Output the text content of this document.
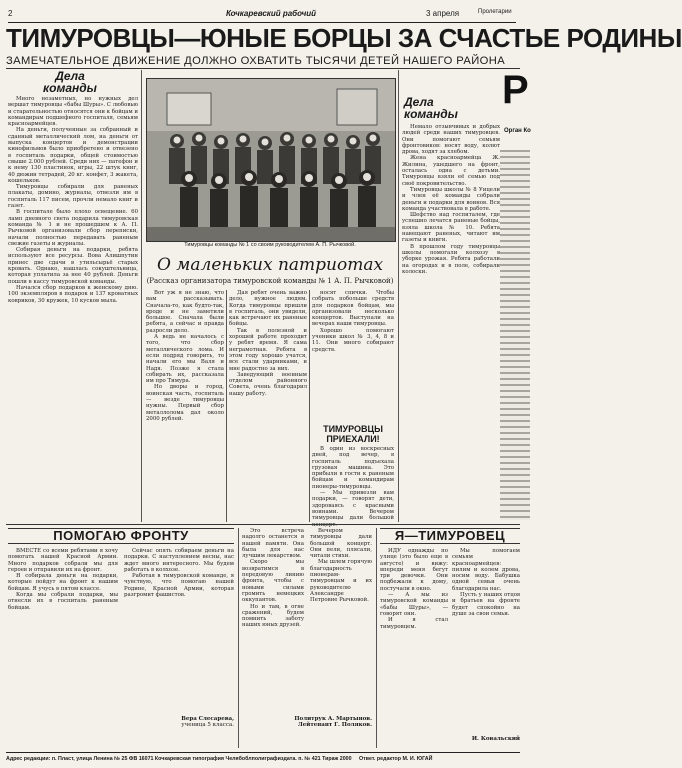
2	Кочкаревский рабочий	3 апреля	Пролетарии
ТИМУРОВЦЫ—ЮНЫЕ БОРЦЫ ЗА СЧАСТЬЕ РОДИНЫ
ЗАМЕЧАТЕЛЬНОЕ ДВИЖЕНИЕ ДОЛЖНО ОХВАТИТЬ ТЫСЯЧИ ДЕТЕЙ НАШЕГО РАЙОНА
Дела
команды

Много незаметных, но нужных дел вершат тимуровцы «бабы Шуры». С любовью и старательностью относятся они к бойцам и командирам подшефного госпиталя, семьям красноармейцев.

На деньги, полученные за собранный и сданный металлический лом, на деньги от выпуска концертов и демонстрации кинофильмов было приобретено и отвезено в госпиталь подарки, общей стоимостью свыше 2.000 рублей. Среди них — патефон и к нему 130 пластинок, игры, 22 штук книг, 40 дюжин тетрадей, 20 кг. конфет, 3 жакета, кошельков.

Тимуровцы собирали для раненых плакаты, домино, журналы, отвезли им в госпиталь 117 писем, прочли немало книг и газет.

В госпитале было плохо освещение. 60 ламп дневного света подарила тимуровская команда № 1 и не прошедшем к А. П. Рычковой организовали сбор переписки, начали полностью передавать раненым свежие газеты и журналы.

Собирая деньги на подарки, ребята используют все ресурсы. Вова Алишпутин принес две сдачи в утильсырьё старых кровать. Однако, нашлась сокуштельница, которая уплатила за нее 40 рублей. Деньги пошли в кассу тимуровской команды.

Начался сбор подарков к женскому дню. 100 экземпляров в подарок и 137 кроватных ковриков, 30 кружек, 10 кусков мыла.

Тимуровцы команды № 1 со своим руководителем А. П. Рычковой.
О маленьких патриотах
(Рассказ организатора тимуровской команды № 1 А. П. Рычковой)

Вот уж я не знаю, что вам рассказывать. Сначала-то, как будто-так, вроде и не заметили большое. Сначала были ребята, а сейчас и правда разросли дело.

А ведь не началось с того, что сбор металлического лома. И если подряд говорить, то начали его мы Валя и Надя. Позже я стала собирать их, рассказала им про Тимура.

Но дворы и город, воинская часть, госпиталь — везде тимуровцы нужны. Первый сбор металлолома дал около 2000 рублей.

Дая ребят очень важно дело, нужное людям. Когда тимуровцы пришли в госпиталь, они увидели, как встречают их раненые бойцы.

Так в полезной и хорошей работе проходит у ребят время. Я сама неграмотная. Ребята в этом году хорошо учатся, все стали ударниками, и мне радостно за них.

Заведующий военным отделом районного Совета, очень благодарил нашу работу.

носят спички. Чтобы собрать побольше средств для подарков бойцам, мы организовали несколько концертов. Выступали на вечерах наши тимуровцы.

Хорошо помогают ученики школ № 3, 4, 8 и 11. Они много собирают средств.

ТИМУРОВЦЫ
ПРИЕХАЛИ!

В один из воскресных дней, под вечер, в госпиталь подъехала грузовая машина. Это прибыли в гости к раненым бойцам и командирам пионеры-тимуровцы.

— Мы привезли вам подарки, — говорят дети, здороваясь с красными воинами. Вечером тимуровцы дали большой

Дела
команды

Немало отзывчивых и добрых людей среди наших тимуровцев. Они помогают семьям фронтовиков: носят воду, колют дрова, ходят за хлебом.

Жена красноармейца Ж. Жилина, ушедшего на фронт, осталась одна с детьми. Тимуровцы взяли её семью под своё покровительство.

Тимуровцы школы № 8 Уицели и член её команды собрали деньги и подарки для воинов. Вся команда участвовала в работе.

Шефство над госпиталем, где успешно лечатся раненые бойцы, взяла школа № 10. Ребята навещают раненых, читают им газеты и книги.

В прошлом году тимуровцы школы помогали колхозу в уборке урожая. Ребята работали на огородах и в поле, собирали колоски.

Р
Орган Ко
ПОМОГАЮ ФРОНТУ

ВМЕСТЕ со всеми ребятами я хочу помогать нашей Красной Армии. Много подарков собрали мы для героев и отправили их на фронт.

Я собирала деньги на подарки, которые пойдут на фронт к нашим бойцам. Я учусь в пятом классе.

Когда мы собрали подарки, мы отнесли их в госпиталь раненым бойцам.

Сейчас опять собираем деньги на подарки. С наступлением весны, нас ждет много интересного. Мы будем работать в колхозе.

Работая в тимуровской команде, я чувствую, что помогаю нашей Родине, Красной Армии, которая разгромит фашистов.

Вера Слесарева,
ученица 5 класса.

Это встреча надолго останется в нашей памяти. Она была для нас лучшим лекарством.

Скоро мы возвратимся в передовую линию фронта, чтобы с новыми силами громить немецких оккупантов.

Но и там, в огне сражений, будем помнить заботу наших юных друзей.

Вечером тимуровцы дали большой концерт. Они пели, плясали, читали стихи.

Мы шлем горячую благодарность пионерам-тимуровцам и их руководителю Александре Петровне Рычковой.

Политрук А. Мартынов.
Лейтенант Г. Поляков.
Я—ТИМУРОВЕЦ

ИДУ однажды по улице (это было еще в августе) и вижу: впереди меня бегут три девочки. Они подбежали к дому, постучали в окно.

— А мы из тимуровской команды «бабы Шуры», — говорят они.

И я стал тимуровцем.

Мы помогаем семьям красноармейцев: пилим и колем дрова, носим воду. Бабушка одной семьи очень благодарила нас.

Пусть у наших отцов и братьев на фронте будет спокойно на душе за свои семьи.

И. Ковальский
Адрес редакции: п. Пласт, улица Ленина № 25 ФВ 16071 Кочкаревская типография Челябоблполиграфиздата. п. № 421 Тираж 2000 Ответ. редактор М. И. ЮГАЙ
